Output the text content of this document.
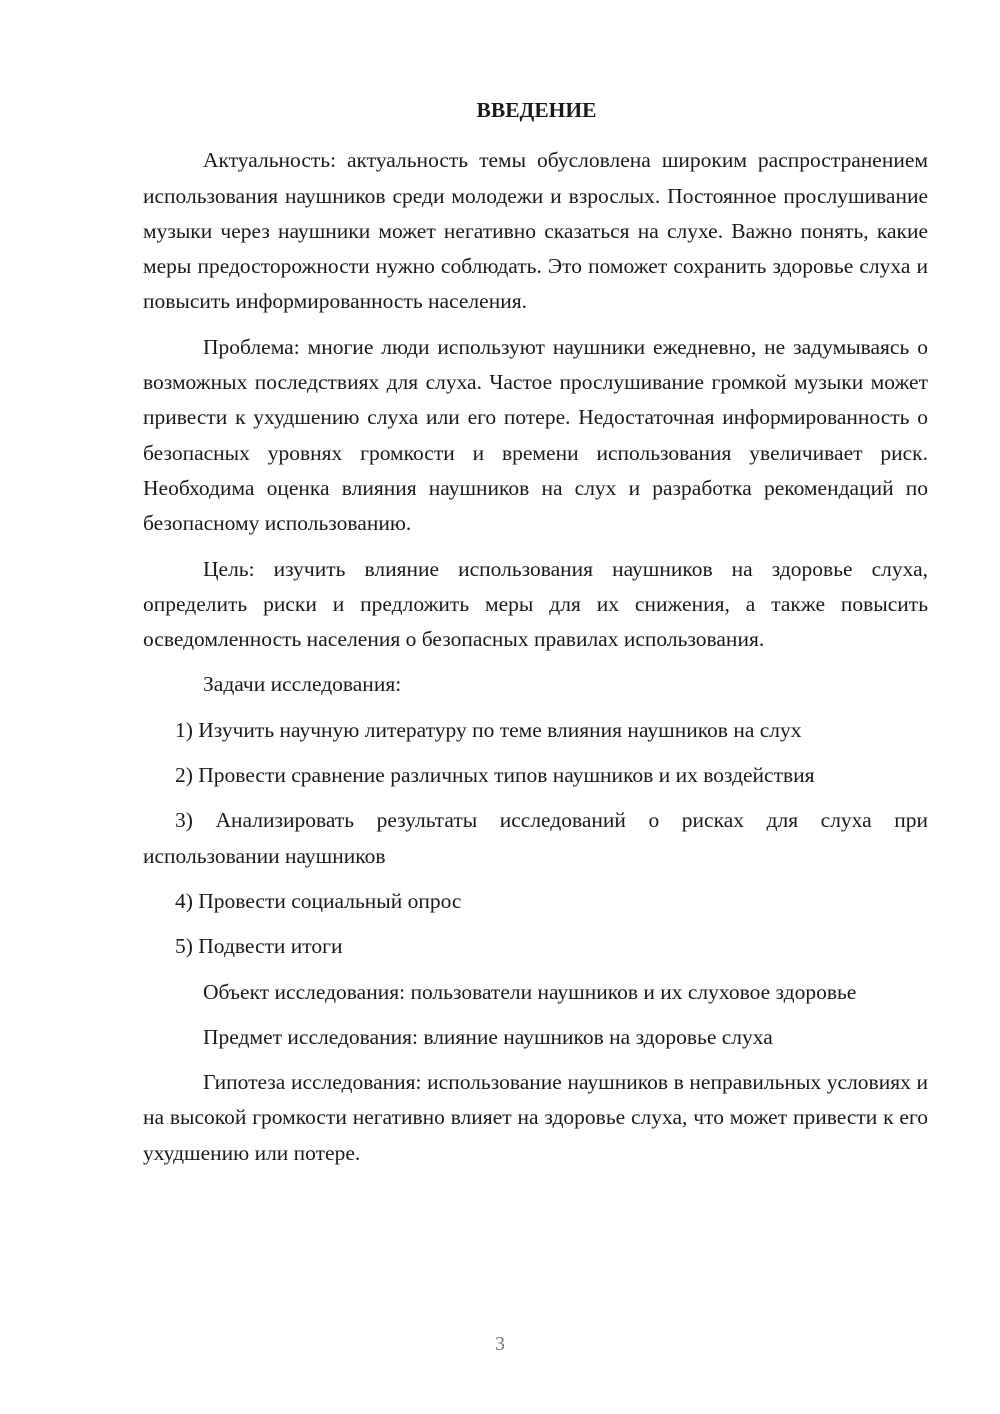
ВВЕДЕНИЕ

Актуальность: актуальность темы обусловлена широким распространением использования наушников среди молодежи и взрослых. Постоянное прослушивание музыки через наушники может негативно сказаться на слухе. Важно понять, какие меры предосторожности нужно соблюдать. Это поможет сохранить здоровье слуха и повысить информированность населения.

Проблема: многие люди используют наушники ежедневно, не задумываясь о возможных последствиях для слуха. Частое прослушивание громкой музыки может привести к ухудшению слуха или его потере. Недостаточная информированность о безопасных уровнях громкости и времени использования увеличивает риск. Необходима оценка влияния наушников на слух и разработка рекомендаций по безопасному использованию.

Цель: изучить влияние использования наушников на здоровье слуха, определить риски и предложить меры для их снижения, а также повысить осведомленность населения о безопасных правилах использования.

Задачи исследования:

1) Изучить научную литературу по теме влияния наушников на слух

2) Провести сравнение различных типов наушников и их воздействия

3) Анализировать результаты исследований о рисках для слуха при использовании наушников

4) Провести социальный опрос

5) Подвести итоги

Объект исследования: пользователи наушников и их слуховое здоровье

Предмет исследования: влияние наушников на здоровье слуха

Гипотеза исследования: использование наушников в неправильных условиях и на высокой громкости негативно влияет на здоровье слуха, что может привести к его ухудшению или потере.

3
